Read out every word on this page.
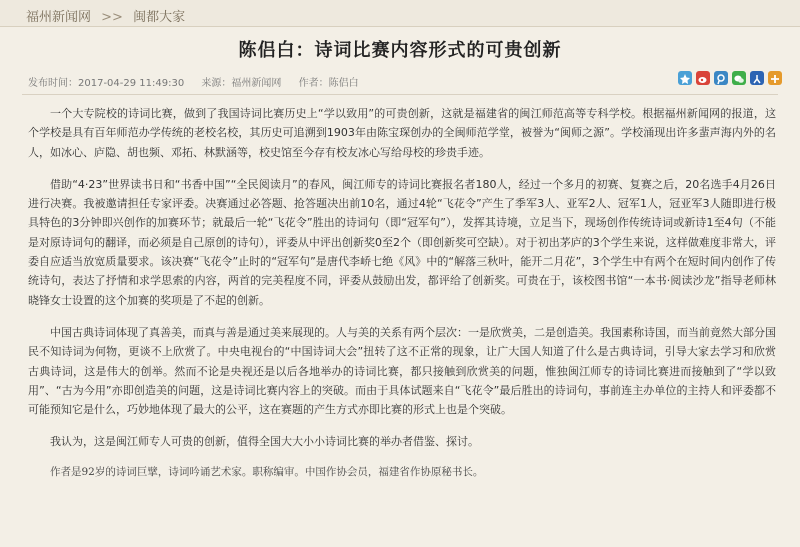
福州新闻网 >> 闽都大家
陈侣白：诗词比赛内容形式的可贵创新
发布时间：2017-04-29 11:49:30 来源：福州新闻网 作者：陈侣白

一个大专院校的诗词比赛，做到了我国诗词比赛历史上“学以致用”的可贵创新，这就是福建省的闽江师范高等专科学校。根据福州新闻网的报道，这个学校是具有百年师范办学传统的老校名校，其历史可追溯到1903年由陈宝琛创办的全闽师范学堂，被誉为“闽师之源”。学校涌现出许多蜚声海内外的名人，如冰心、庐隐、胡也频、邓拓、林默涵等，校史馆至今存有校友冰心写给母校的珍贵手迹。

借助“4·23”世界读书日和“书香中国”“全民阅读月”的春风，闽江师专的诗词比赛报名者180人，经过一个多月的初赛、复赛之后，20名选手4月26日进行决赛。我被邀请担任专家评委。决赛通过必答题、抢答题决出前10名，通过4轮“飞花令”产生了季军3人、亚军2人、冠军1人，冠亚军3人随即进行极具特色的3分钟即兴创作的加赛环节；就最后一轮“飞花令”胜出的诗词句（即“冠军句”），发挥其诗境，立足当下，现场创作传统诗词或新诗1至4句（不能是对原诗词句的翻译，而必须是自己原创的诗句），评委从中评出创新奖0至2个（即创新奖可空缺）。对于初出茅庐的3个学生来说，这样做难度非常大，评委自应适当放宽质量要求。该决赛“飞花令”止时的“冠军句”是唐代李峤七绝《风》中的“解落三秋叶，能开二月花”，3个学生中有两个在短时间内创作了传统诗句，表达了抒情和求学思索的内容，两首的完美程度不同，评委从鼓励出发，都评给了创新奖。可贵在于，该校图书馆“一本书·阅读沙龙”指导老师林晓锋女士设置的这个加赛的奖项是了不起的创新。

中国古典诗词体现了真善美，而真与善是通过美来展现的。人与美的关系有两个层次：一是欣赏美，二是创造美。我国素称诗国，而当前竟然大部分国民不知诗词为何物，更谈不上欣赏了。中央电视台的“中国诗词大会”扭转了这不正常的现象，让广大国人知道了什么是古典诗词，引导大家去学习和欣赏古典诗词，这是伟大的创举。然而不论是央视还是以后各地举办的诗词比赛，都只接触到欣赏美的问题，惟独闽江师专的诗词比赛进而接触到了“学以致用”、“古为今用”亦即创造美的问题，这是诗词比赛内容上的突破。而由于具体试题来自“飞花令”最后胜出的诗词句，事前连主办单位的主持人和评委都不可能预知它是什么，巧妙地体现了最大的公平，这在赛题的产生方式亦即比赛的形式上也是个突破。

我认为，这是闽江师专人可贵的创新，值得全国大大小小诗词比赛的举办者借鉴、探讨。

作者是92岁的诗词巨擘，诗词吟诵艺术家。职称编审。中国作协会员，福建省作协原秘书长。
